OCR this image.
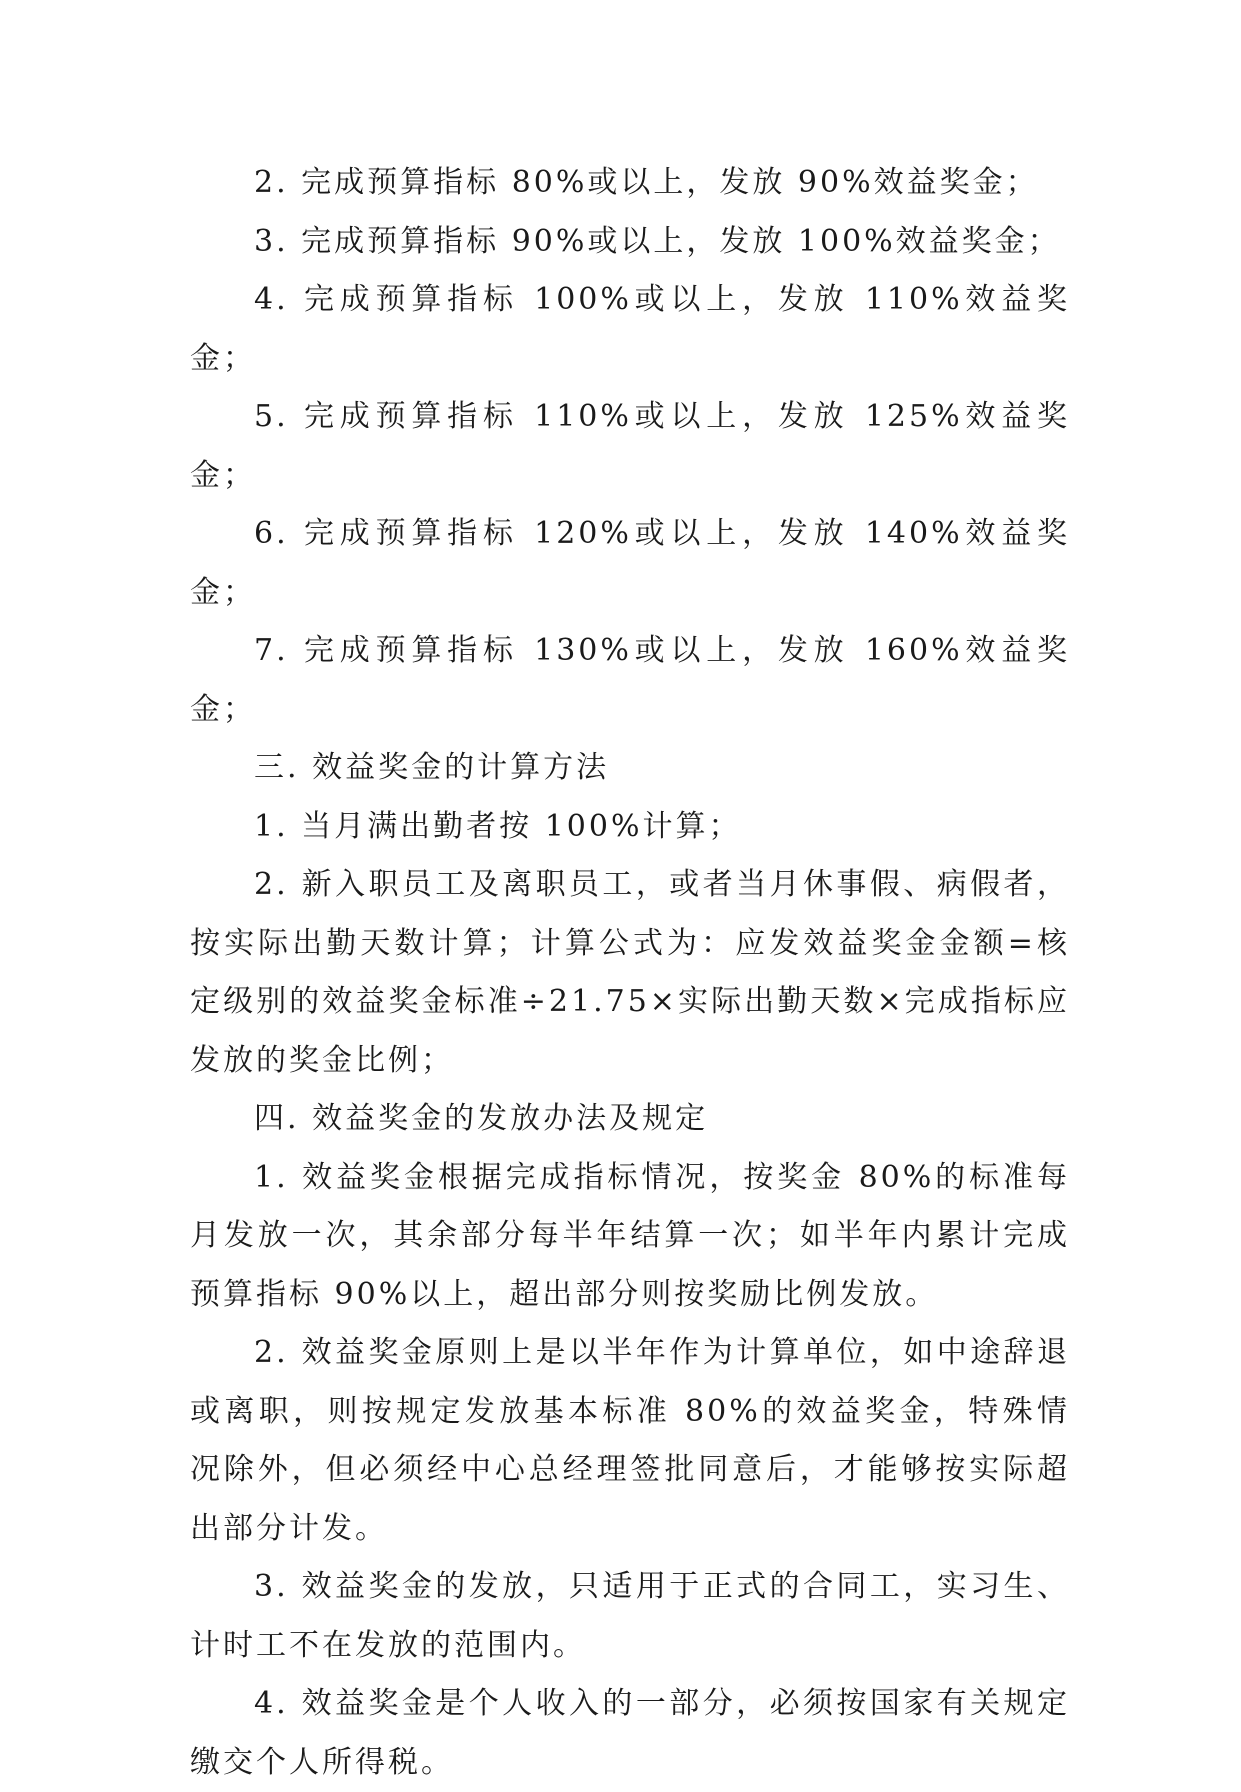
2. 完成预算指标 80%或以上，发放 90%效益奖金；

3. 完成预算指标 90%或以上，发放 100%效益奖金；

4. 完成预算指标 100%或以上，发放 110%效益奖金；

5. 完成预算指标 110%或以上，发放 125%效益奖金；

6. 完成预算指标 120%或以上，发放 140%效益奖金；

7. 完成预算指标 130%或以上，发放 160%效益奖金；

三. 效益奖金的计算方法

1. 当月满出勤者按 100%计算；

2. 新入职员工及离职员工，或者当月休事假、病假者，按实际出勤天数计算；计算公式为：应发效益奖金金额=核定级别的效益奖金标准÷21.75×实际出勤天数×完成指标应发放的奖金比例；

四. 效益奖金的发放办法及规定

1. 效益奖金根据完成指标情况，按奖金 80%的标准每月发放一次，其余部分每半年结算一次；如半年内累计完成预算指标 90%以上，超出部分则按奖励比例发放。

2. 效益奖金原则上是以半年作为计算单位，如中途辞退或离职，则按规定发放基本标准 80%的效益奖金，特殊情况除外，但必须经中心总经理签批同意后，才能够按实际超出部分计发。

3. 效益奖金的发放，只适用于正式的合同工，实习生、计时工不在发放的范围内。

4. 效益奖金是个人收入的一部分，必须按国家有关规定缴交个人所得税。
